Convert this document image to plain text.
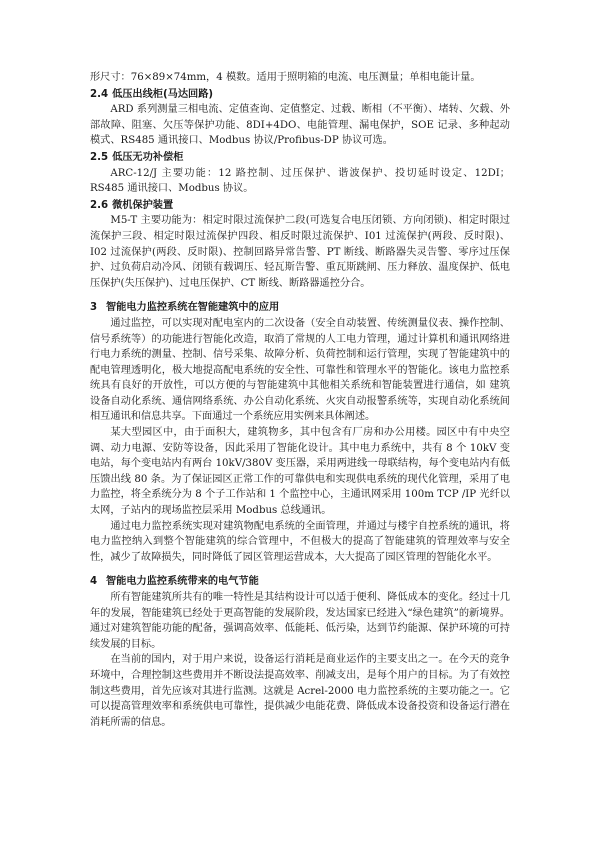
形尺寸：76×89×74mm，4 模数。适用于照明箱的电流、电压测量；单相电能计量。

2.4 低压出线柜(马达回路)

ARD 系列测量三相电流、定值查询、定值整定、过载、断相（不平衡）、堵转、欠载、外部故障、阻塞、欠压等保护功能、8DI+4DO、电能管理、漏电保护，SOE 记录、多种起动模式、RS485 通讯接口、Modbus 协议/Profibus-DP 协议可选。

2.5 低压无功补偿柜

ARC-12/J 主要功能：12 路控制、过压保护、谐波保护、投切延时设定、12DI；RS485 通讯接口、Modbus 协议。

2.6 微机保护装置

M5-T 主要功能为：相定时限过流保护二段(可选复合电压闭锁、方向闭锁)、相定时限过流保护三段、相定时限过流保护四段、相反时限过流保护、I01 过流保护(两段、反时限)、I02 过流保护(两段、反时限)、控制回路异常告警、PT 断线、断路器失灵告警、零序过压保护、过负荷启动冷风、闭锁有载调压、轻瓦斯告警、重瓦斯跳闸、压力释放、温度保护、低电压保护(失压保护)、过电压保护、CT 断线、断路器遥控分合。

3 智能电力监控系统在智能建筑中的应用

通过监控，可以实现对配电室内的二次设备（安全自动装置、传统测量仪表、操作控制、信号系统等）的功能进行智能化改造，取消了常规的人工电力管理，通过计算机和通讯网络进行电力系统的测量、控制、信号采集、故障分析、负荷控制和运行管理，实现了智能建筑中的配电管理透明化，极大地提高配电系统的安全性、可靠性和管理水平的智能化。该电力监控系统具有良好的开放性，可以方便的与智能建筑中其他相关系统和智能装置进行通信，如 建筑设备自动化系统、通信网络系统、办公自动化系统、火灾自动报警系统等，实现自动化系统间相互通讯和信息共享。下面通过一个系统应用实例来具体阐述。

某大型园区中，由于面积大，建筑物多，其中包含有厂房和办公用楼。园区中有中央空调、动力电源、安防等设备，因此采用了智能化设计。其中电力系统中，共有 8 个 10kV 变电站，每个变电站内有两台 10kV/380V 变压器，采用两进线一母联结构，每个变电站内有低压馈出线 80 条。为了保证园区正常工作的可靠供电和实现供电系统的现代化管理，采用了电力监控，将全系统分为 8 个子工作站和 1 个监控中心，主通讯网采用 100m TCP /IP 光纤以太网，子站内的现场监控层采用 Modbus 总线通讯。

通过电力监控系统实现对建筑物配电系统的全面管理，并通过与楼宇自控系统的通讯，将电力监控纳入到整个智能建筑的综合管理中，不但极大的提高了智能建筑的管理效率与安全性，减少了故障损失，同时降低了园区管理运营成本，大大提高了园区管理的智能化水平。

4 智能电力监控系统带来的电气节能

所有智能建筑所共有的唯一特性是其结构设计可以适于便利、降低成本的变化。经过十几年的发展，智能建筑已经处于更高智能的发展阶段，发达国家已经进入“绿色建筑”的新境界。通过对建筑智能功能的配备，强调高效率、低能耗、低污染，达到节约能源、保护环境的可持续发展的目标。

在当前的国内，对于用户来说，设备运行消耗是商业运作的主要支出之一。在今天的竞争环境中，合理控制这些费用并不断设法提高效率、削减支出，是每个用户的目标。为了有效控制这些费用，首先应该对其进行监测。这就是 Acrel-2000 电力监控系统的主要功能之一。它可以提高管理效率和系统供电可靠性，提供减少电能花费、降低成本设备投资和设备运行潜在消耗所需的信息。
